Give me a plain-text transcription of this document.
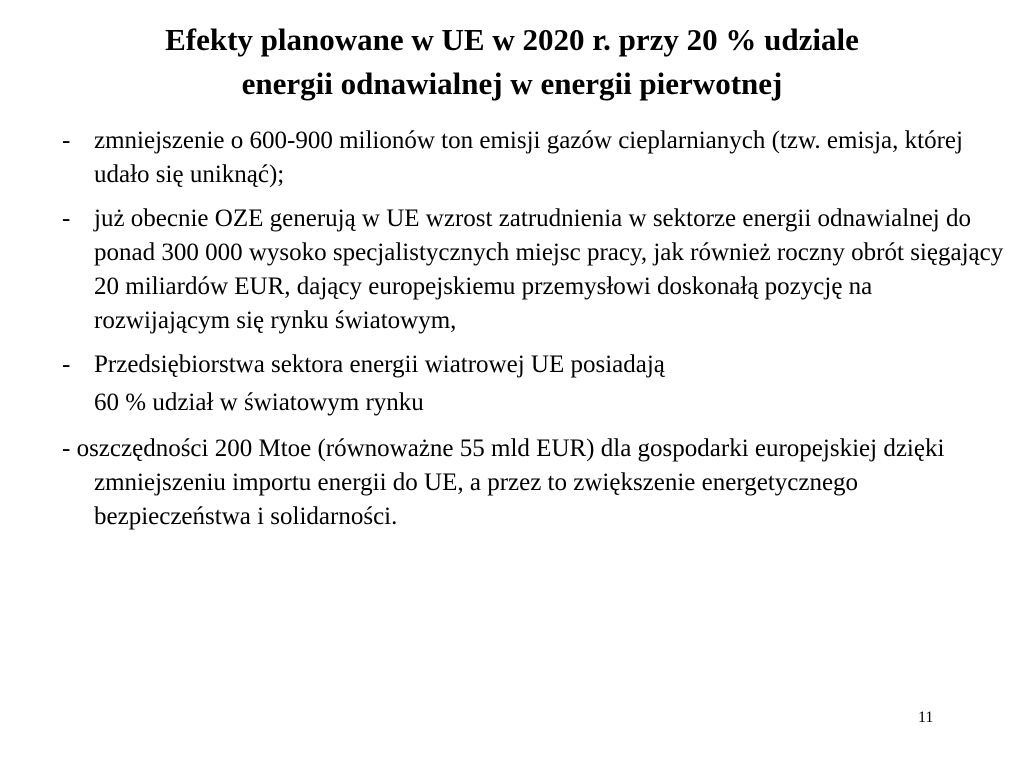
Efekty planowane w UE w 2020 r. przy 20 % udziale
energii odnawialnej w energii pierwotnej
- zmniejszenie o 600-900 milionów ton emisji gazów cieplarnianych (tzw. emisja, której udało się uniknąć);
- już obecnie OZE generują w UE wzrost zatrudnienia w sektorze energii odnawialnej do ponad 300 000 wysoko specjalistycznych miejsc pracy, jak również roczny obrót sięgający 20 miliardów EUR, dający europejskiemu przemysłowi doskonałą pozycję na rozwijającym się rynku światowym,
- Przedsiębiorstwa sektora energii wiatrowej UE posiadają
60 % udział w światowym rynku
- oszczędności 200 Mtoe (równoważne 55 mld EUR) dla gospodarki europejskiej dzięki zmniejszeniu importu energii do UE, a przez to zwiększenie energetycznego bezpieczeństwa i solidarności.
11
